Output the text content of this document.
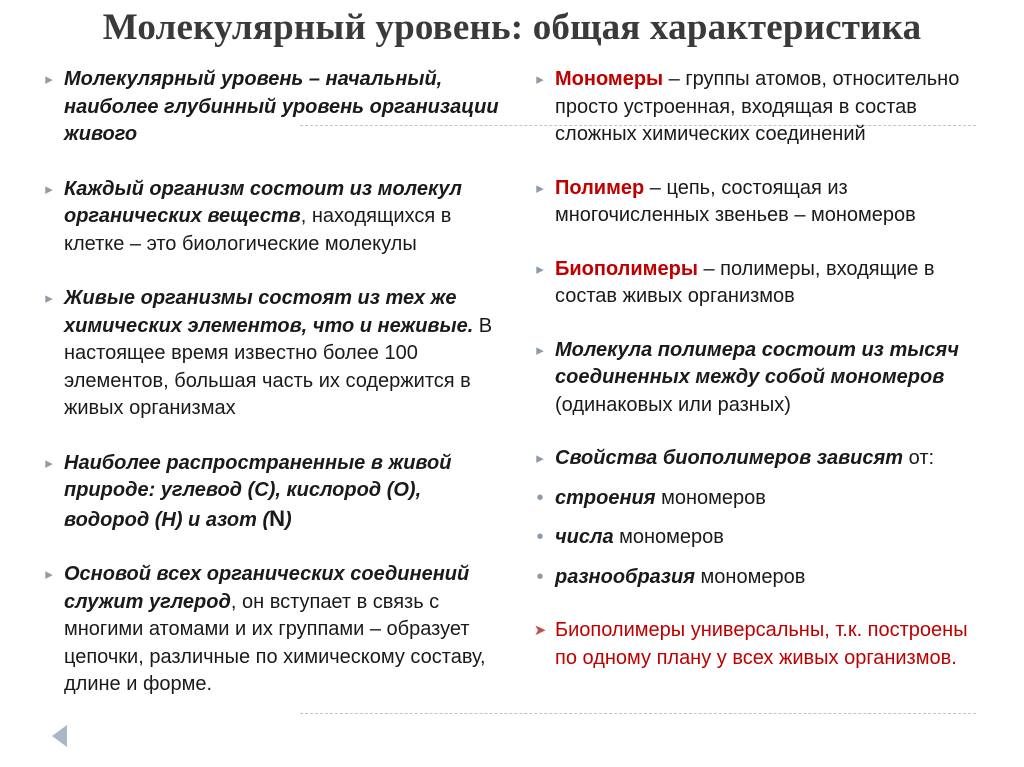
Молекулярный уровень: общая характеристика
▸ Молекулярный уровень – начальный, наиболее глубинный уровень организации живого
▸ Каждый организм состоит из молекул органических веществ, находящихся в клетке – это биологические молекулы
▸ Живые организмы состоят из тех же химических элементов, что и неживые. В настоящее время известно более 100 элементов, большая часть их содержится в живых организмах
▸ Наиболее распространенные в живой природе: углевод (С), кислород (О), водород (Н) и азот (N)
▸ Основой всех органических соединений служит углерод, он вступает в связь с многими атомами и их группами – образует цепочки, различные по химическому составу, длине и форме.
▸ Мономеры – группы атомов, относительно просто устроенная, входящая в состав сложных химических соединений
▸ Полимер – цепь, состоящая из многочисленных звеньев – мономеров
▸ Биополимеры – полимеры, входящие в состав живых организмов
▸ Молекула полимера состоит из тысяч соединенных между собой мономеров (одинаковых или разных)
▸ Свойства биополимеров зависят от:
• строения мономеров
• числа мономеров
• разнообразия мономеров
➤ Биополимеры универсальны, т.к. построены по одному плану у всех живых организмов.
